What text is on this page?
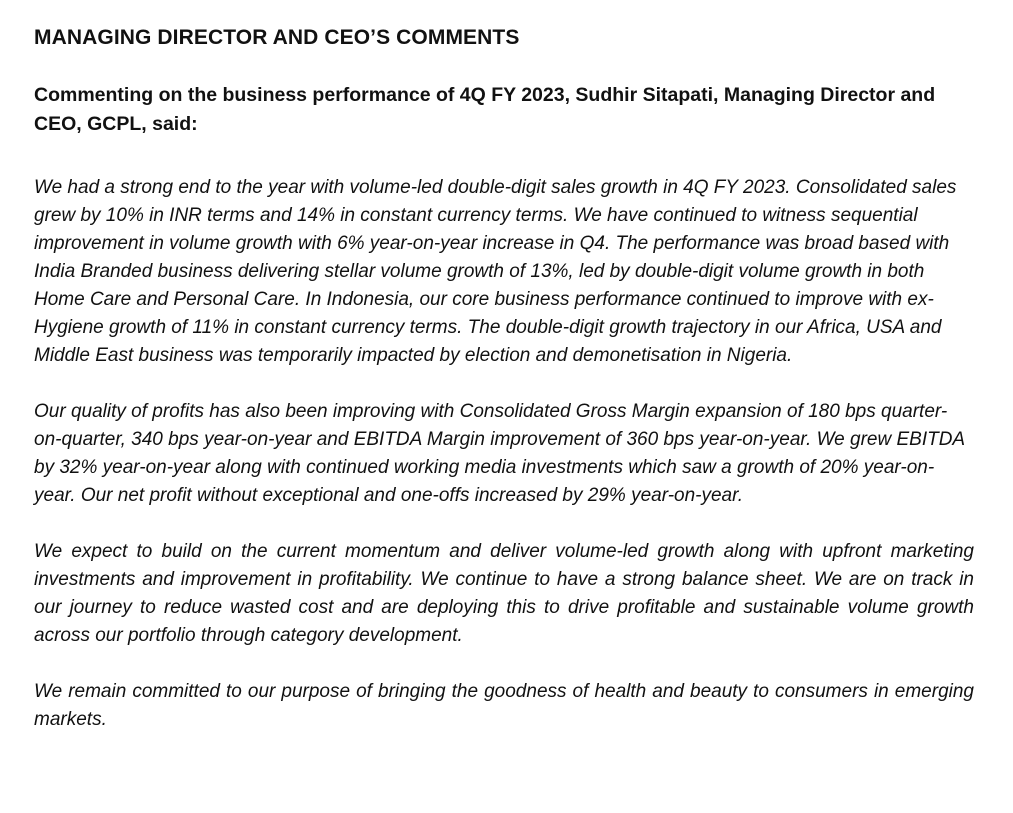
MANAGING DIRECTOR AND CEO’S COMMENTS

Commenting on the business performance of 4Q FY 2023, Sudhir Sitapati, Managing Director and CEO, GCPL, said:

We had a strong end to the year with volume-led double-digit sales growth in 4Q FY 2023. Consolidated sales grew by 10% in INR terms and 14% in constant currency terms. We have continued to witness sequential improvement in volume growth with 6% year-on-year increase in Q4. The performance was broad based with India Branded business delivering stellar volume growth of 13%, led by double-digit volume growth in both Home Care and Personal Care. In Indonesia, our core business performance continued to improve with ex-Hygiene growth of 11% in constant currency terms. The double-digit growth trajectory in our Africa, USA and Middle East business was temporarily impacted by election and demonetisation in Nigeria.

Our quality of profits has also been improving with Consolidated Gross Margin expansion of 180 bps quarter-on-quarter, 340 bps year-on-year and EBITDA Margin improvement of 360 bps year-on-year. We grew EBITDA by 32% year-on-year along with continued working media investments which saw a growth of 20% year-on-year. Our net profit without exceptional and one-offs increased by 29% year-on-year.

We expect to build on the current momentum and deliver volume-led growth along with upfront marketing investments and improvement in profitability. We continue to have a strong balance sheet. We are on track in our journey to reduce wasted cost and are deploying this to drive profitable and sustainable volume growth across our portfolio through category development.

We remain committed to our purpose of bringing the goodness of health and beauty to consumers in emerging markets.
